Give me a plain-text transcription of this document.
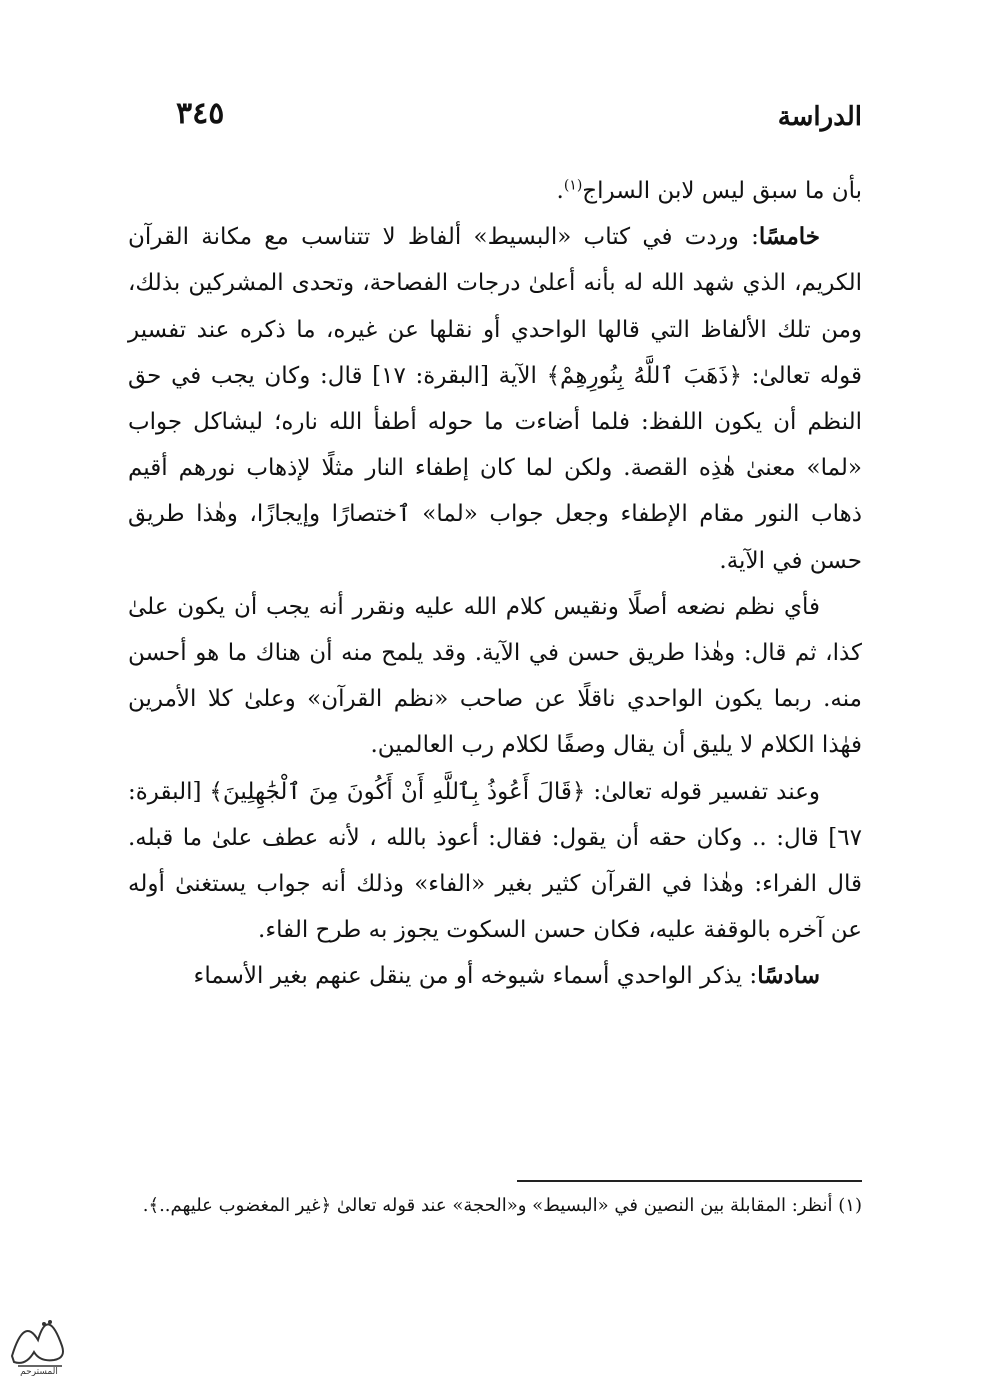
٣٤٥	الدراسة

بأن ما سبق ليس لابن السراج$^{(١)}$.

خامسًا: وردت في كتاب «البسيط» ألفاظ لا تتناسب مع مكانة القرآن الكريم، الذي شهد الله له بأنه أعلىٰ درجات الفصاحة، وتحدى المشركين بذلك، ومن تلك الألفاظ التي قالها الواحدي أو نقلها عن غيره، ما ذكره عند تفسير قوله تعالىٰ: ﴿ذَهَبَ ٱللَّهُ بِنُورِهِمْ﴾ الآية [البقرة: ١٧] قال: وكان يجب في حق النظم أن يكون اللفظ: فلما أضاءت ما حوله أطفأ الله ناره؛ ليشاكل جواب «لما» معنىٰ هٰذِه القصة. ولكن لما كان إطفاء النار مثلًا لإذهاب نورهم أقيم ذهاب النور مقام الإطفاء وجعل جواب «لما» ٱختصارًا وإيجازًا، وهٰذا طريق حسن في الآية.

فأي نظم نضعه أصلًا ونقيس كلام الله عليه ونقرر أنه يجب أن يكون علىٰ كذا، ثم قال: وهٰذا طريق حسن في الآية. وقد يلمح منه أن هناك ما هو أحسن منه. ربما يكون الواحدي ناقلًا عن صاحب «نظم القرآن» وعلىٰ كلا الأمرين فهٰذا الكلام لا يليق أن يقال وصفًا لكلام رب العالمين.

وعند تفسير قوله تعالىٰ: ﴿قَالَ أَعُوذُ بِٱللَّهِ أَنْ أَكُونَ مِنَ ٱلْجَٰهِلِينَ﴾ [البقرة: ٦٧] قال: .. وكان حقه أن يقول: فقال: أعوذ بالله ، لأنه عطف علىٰ ما قبله. قال الفراء: وهٰذا في القرآن كثير بغير «الفاء» وذلك أنه جواب يستغنىٰ أوله عن آخره بالوقفة عليه، فكان حسن السكوت يجوز به طرح الفاء.

سادسًا: يذكر الواحدي أسماء شيوخه أو من ينقل عنهم بغير الأسماء

(١) أنظر: المقابلة بين النصين في «البسيط» و«الحجة» عند قوله تعالىٰ ﴿غير المغضوب عليهم..﴾.
المسترحم
